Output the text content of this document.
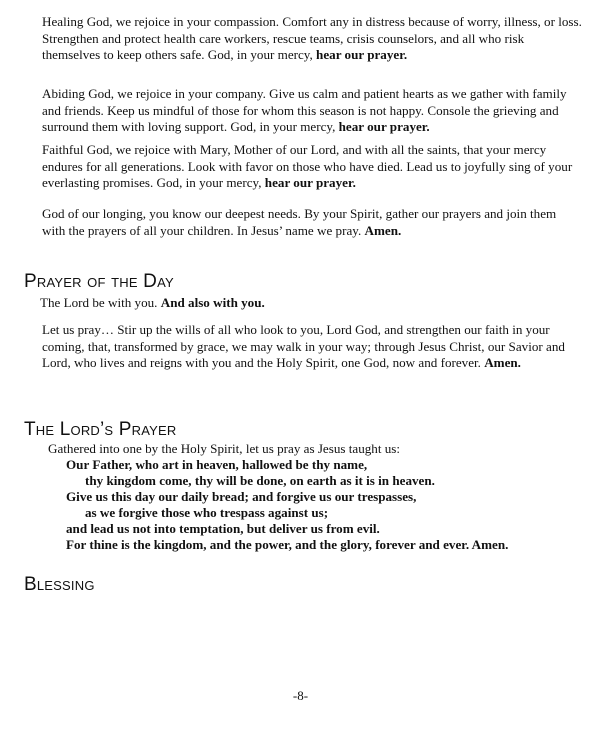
Healing God, we rejoice in your compassion. Comfort any in distress because of worry, illness, or loss. Strengthen and protect health care workers, rescue teams, crisis counselors, and all who risk themselves to keep others safe. God, in your mercy, hear our prayer.

Abiding God, we rejoice in your company. Give us calm and patient hearts as we gather with family and friends. Keep us mindful of those for whom this season is not happy. Console the grieving and surround them with loving support. God, in your mercy, hear our prayer.

Faithful God, we rejoice with Mary, Mother of our Lord, and with all the saints, that your mercy endures for all generations. Look with favor on those who have died. Lead us to joyfully sing of your everlasting promises. God, in your mercy, hear our prayer.

God of our longing, you know our deepest needs. By your Spirit, gather our prayers and join them with the prayers of all your children. In Jesus’ name we pray. Amen.

Prayer of the Day

The Lord be with you. And also with you.

Let us pray… Stir up the wills of all who look to you, Lord God, and strengthen our faith in your coming, that, transformed by grace, we may walk in your way; through Jesus Christ, our Savior and Lord, who lives and reigns with you and the Holy Spirit, one God, now and forever. Amen.

The Lord’s Prayer

Gathered into one by the Holy Spirit, let us pray as Jesus taught us:

Our Father, who art in heaven, hallowed be thy name,

thy kingdom come, thy will be done, on earth as it is in heaven.

Give us this day our daily bread; and forgive us our trespasses,

as we forgive those who trespass against us;

and lead us not into temptation, but deliver us from evil.

For thine is the kingdom, and the power, and the glory, forever and ever. Amen.

Blessing
-8-
